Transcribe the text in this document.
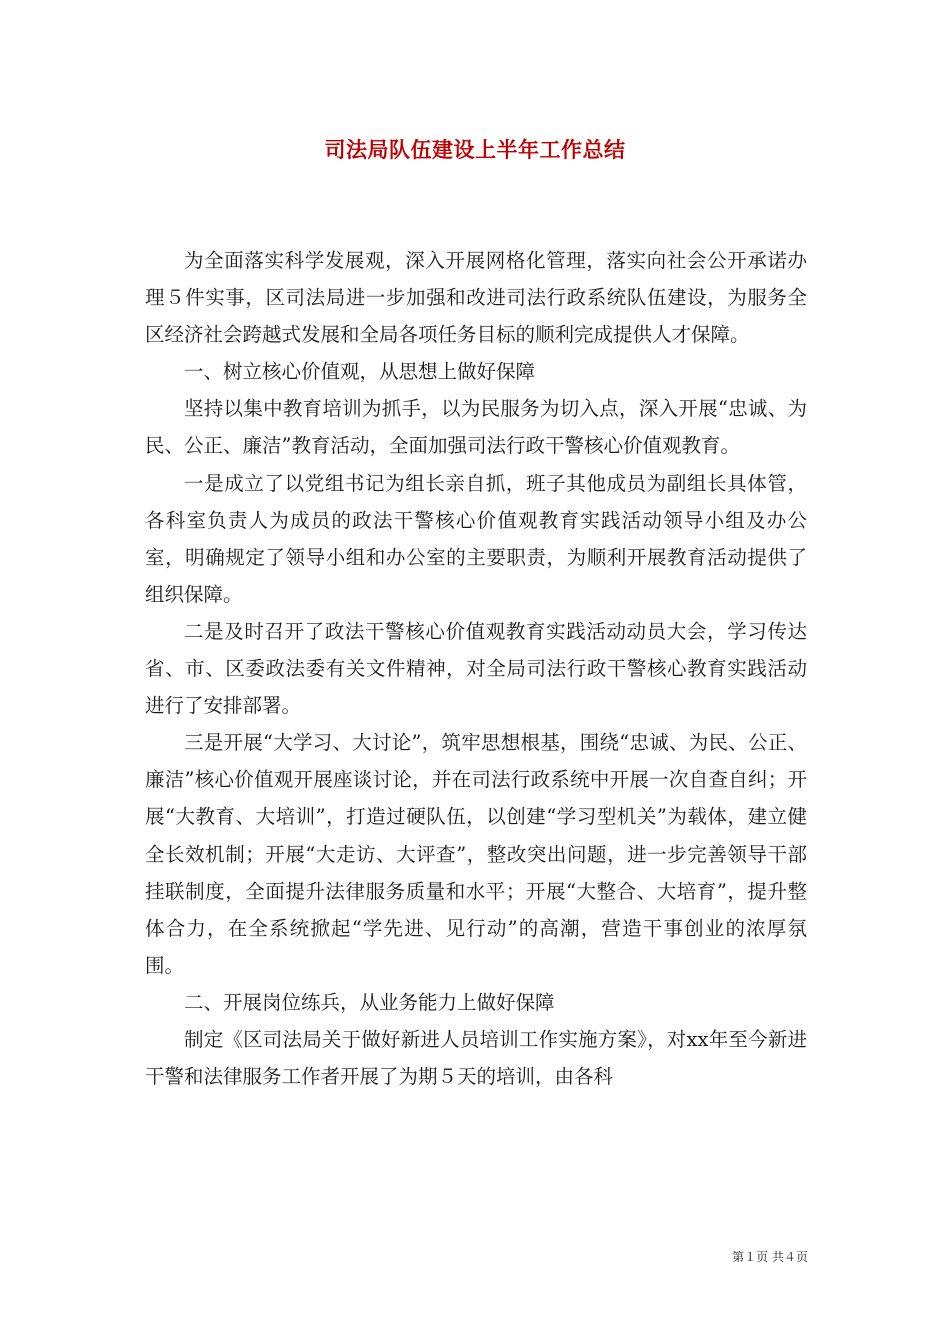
司法局队伍建设上半年工作总结

为全面落实科学发展观，深入开展网格化管理，落实向社会公开承诺办理５件实事，区司法局进一步加强和改进司法行政系统队伍建设，为服务全区经济社会跨越式发展和全局各项任务目标的顺利完成提供人才保障。

一、树立核心价值观，从思想上做好保障

坚持以集中教育培训为抓手，以为民服务为切入点，深入开展“忠诚、为民、公正、廉洁”教育活动，全面加强司法行政干警核心价值观教育。

一是成立了以党组书记为组长亲自抓，班子其他成员为副组长具体管，各科室负责人为成员的政法干警核心价值观教育实践活动领导小组及办公室，明确规定了领导小组和办公室的主要职责，为顺利开展教育活动提供了组织保障。

二是及时召开了政法干警核心价值观教育实践活动动员大会，学习传达省、市、区委政法委有关文件精神，对全局司法行政干警核心教育实践活动进行了安排部署。

三是开展“大学习、大讨论”，筑牢思想根基，围绕“忠诚、为民、公正、廉洁”核心价值观开展座谈讨论，并在司法行政系统中开展一次自查自纠；开展“大教育、大培训”，打造过硬队伍，以创建“学习型机关”为载体，建立健全长效机制；开展“大走访、大评查”，整改突出问题，进一步完善领导干部挂联制度，全面提升法律服务质量和水平；开展“大整合、大培育”，提升整体合力，在全系统掀起“学先进、见行动”的高潮，营造干事创业的浓厚氛围。

二、开展岗位练兵，从业务能力上做好保障

制定《区司法局关于做好新进人员培训工作实施方案》，对xx年至今新进干警和法律服务工作者开展了为期５天的培训，由各科

第１页 共４页
